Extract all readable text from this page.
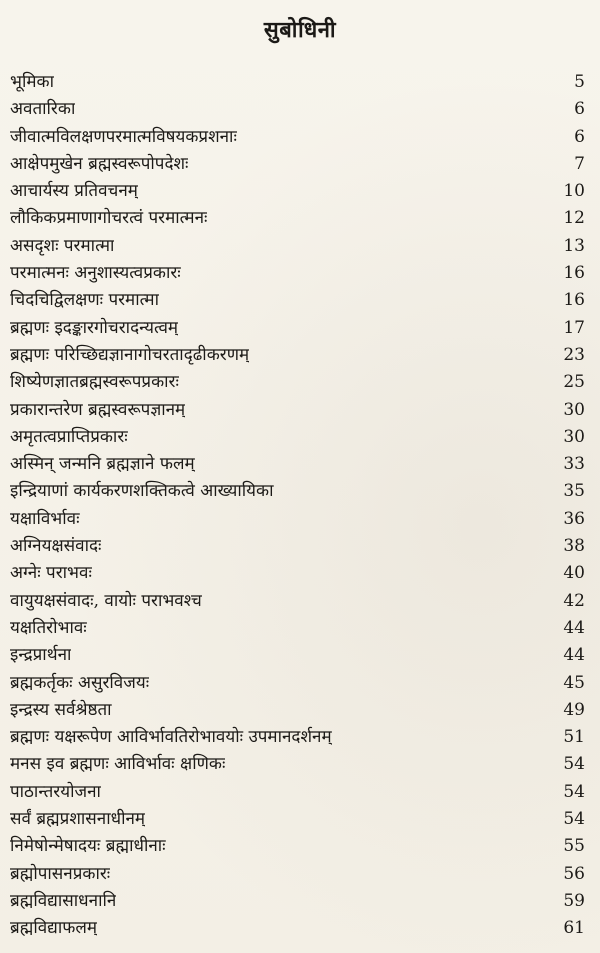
सुबोधिनी
भूमिका	5
अवतारिका	6
जीवात्मविलक्षणपरमात्मविषयकप्रशनाः	6
आक्षेपमुखेन ब्रह्मस्वरूपोपदेशः	7
आचार्यस्य प्रतिवचनम्	10
लौकिकप्रमाणागोचरत्वं परमात्मनः	12
असदृशः परमात्मा	13
परमात्मनः अनुशास्यत्वप्रकारः	16
चिदचिद्विलक्षणः परमात्मा	16
ब्रह्मणः इदङ्कारगोचरादन्यत्वम्	17
ब्रह्मणः परिच्छिद्यज्ञानागोचरतादृढीकरणम्	23
शिष्येणज्ञातब्रह्मस्वरूपप्रकारः	25
प्रकारान्तरेण ब्रह्मस्वरूपज्ञानम्	30
अमृतत्वप्राप्तिप्रकारः	30
अस्मिन् जन्मनि ब्रह्मज्ञाने फलम्	33
इन्द्रियाणां कार्यकरणशक्तिकत्वे आख्यायिका	35
यक्षाविर्भावः	36
अग्नियक्षसंवादः	38
अग्नेः पराभवः	40
वायुयक्षसंवादः, वायोः पराभवश्च	42
यक्षतिरोभावः	44
इन्द्रप्रार्थना	44
ब्रह्मकर्तृकः असुरविजयः	45
इन्द्रस्य सर्वश्रेष्ठता	49
ब्रह्मणः यक्षरूपेण आविर्भावतिरोभावयोः उपमानदर्शनम्	51
मनस इव ब्रह्मणः आविर्भावः क्षणिकः	54
पाठान्तरयोजना	54
सर्वं ब्रह्मप्रशासनाधीनम्	54
निमेषोन्मेषादयः ब्रह्माधीनाः	55
ब्रह्मोपासनप्रकारः	56
ब्रह्मविद्यासाधनानि	59
ब्रह्मविद्याफलम्	61
